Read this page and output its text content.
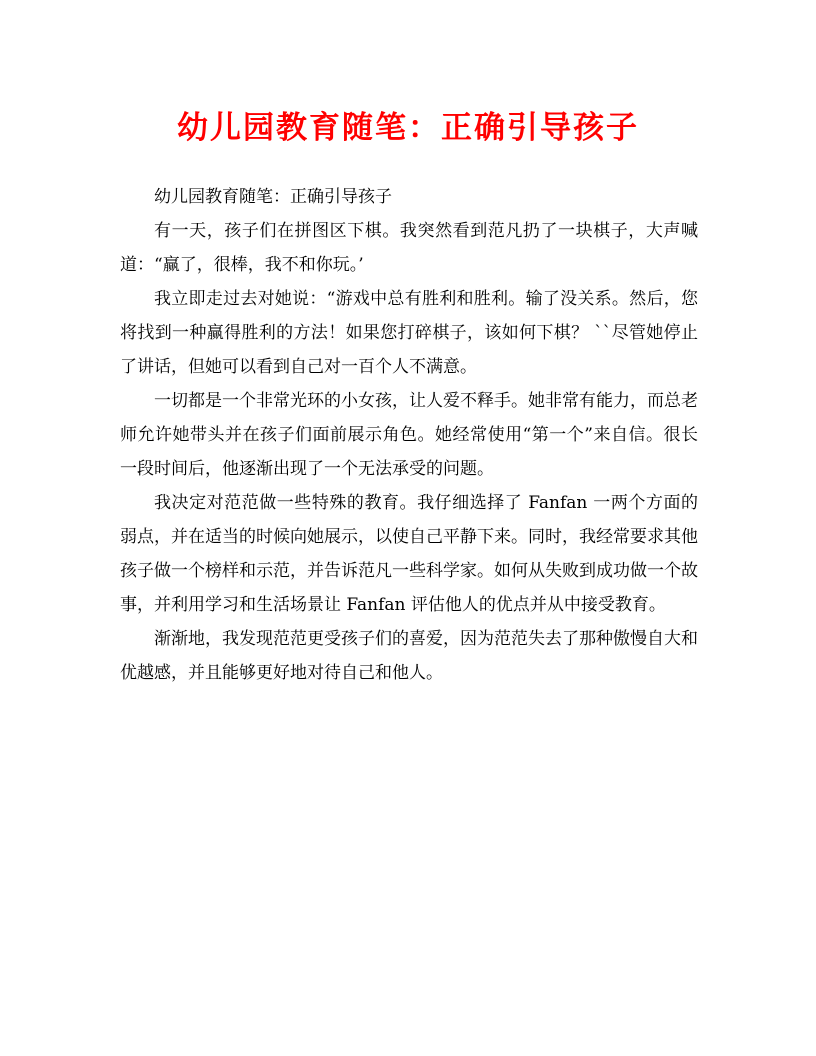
幼儿园教育随笔：正确引导孩子

幼儿园教育随笔：正确引导孩子

有一天，孩子们在拼图区下棋。我突然看到范凡扔了一块棋子，大声喊道：“赢了，很棒，我不和你玩。’

我立即走过去对她说：“游戏中总有胜利和胜利。输了没关系。然后，您将找到一种赢得胜利的方法！如果您打碎棋子，该如何下棋？ ``尽管她停止了讲话，但她可以看到自己对一百个人不满意。

一切都是一个非常光环的小女孩，让人爱不释手。她非常有能力，而总老师允许她带头并在孩子们面前展示角色。她经常使用“第一个”来自信。很长一段时间后，他逐渐出现了一个无法承受的问题。

我决定对范范做一些特殊的教育。我仔细选择了 Fanfan 一两个方面的弱点，并在适当的时候向她展示，以使自己平静下来。同时，我经常要求其他孩子做一个榜样和示范，并告诉范凡一些科学家。如何从失败到成功做一个故事，并利用学习和生活场景让 Fanfan 评估他人的优点并从中接受教育。

渐渐地，我发现范范更受孩子们的喜爱，因为范范失去了那种傲慢自大和优越感，并且能够更好地对待自己和他人。
